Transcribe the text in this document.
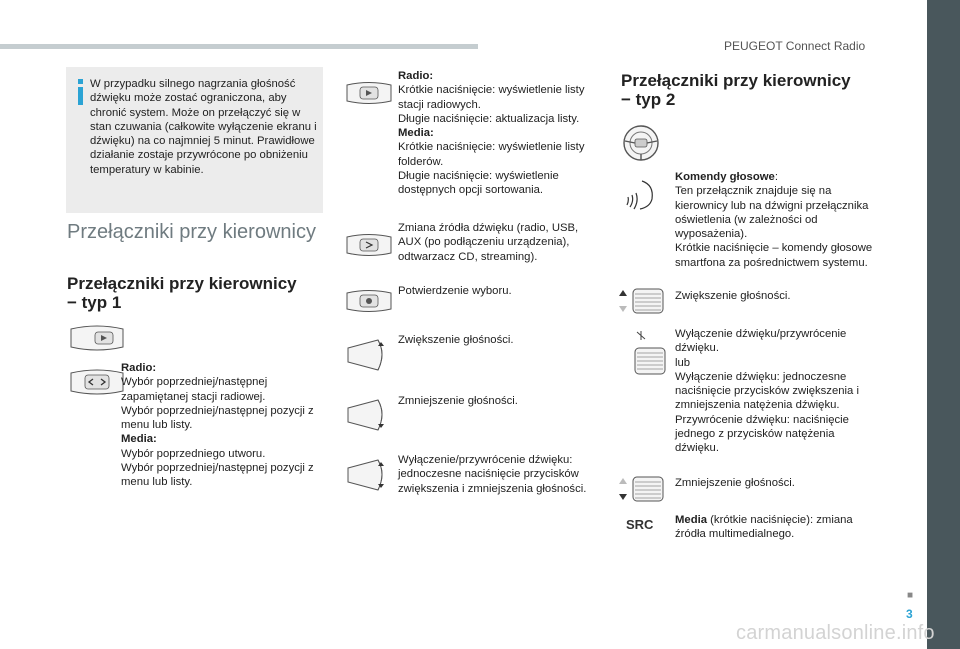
PEUGEOT Connect Radio
W przypadku silnego nagrzania głośność dźwięku może zostać ograniczona, aby chronić system. Może on przełączyć się w stan czuwania (całkowite wyłączenie ekranu i dźwięku) na co najmniej 5 minut. Prawidłowe działanie zostaje przywrócone po obniżeniu temperatury w kabinie.
Przełączniki przy kierownicy
Przełączniki przy kierownicy − typ 1
Radio:
Wybór poprzedniej/następnej zapamiętanej stacji radiowej.
Wybór poprzedniej/następnej pozycji z menu lub listy.
Media:
Wybór poprzedniego utworu.
Wybór poprzedniej/następnej pozycji z menu lub listy.
Radio:
Krótkie naciśnięcie: wyświetlenie listy stacji radiowych.
Długie naciśnięcie: aktualizacja listy.
Media:
Krótkie naciśnięcie: wyświetlenie listy folderów.
Długie naciśnięcie: wyświetlenie dostępnych opcji sortowania.
Zmiana źródła dźwięku (radio, USB, AUX (po podłączeniu urządzenia), odtwarzacz CD, streaming).
Potwierdzenie wyboru.
Zwiększenie głośności.
Zmniejszenie głośności.
Wyłączenie/przywrócenie dźwięku: jednoczesne naciśnięcie przycisków zwiększenia i zmniejszenia głośności.
Przełączniki przy kierownicy − typ 2
SRC
Komendy głosowe:
Ten przełącznik znajduje się na kierownicy lub na dźwigni przełącznika oświetlenia (w zależności od wyposażenia).
Krótkie naciśnięcie – komendy głosowe smartfona za pośrednictwem systemu.
Zwiększenie głośności.
Wyłączenie dźwięku/przywrócenie dźwięku.
lub
Wyłączenie dźwięku: jednoczesne naciśnięcie przycisków zwiększenia i zmniejszenia natężenia dźwięku.
Przywrócenie dźwięku: naciśnięcie jednego z przycisków natężenia dźwięku.
Zmniejszenie głośności.
Media (krótkie naciśnięcie): zmiana źródła multimedialnego.
■
3
carmanualsonline.info
